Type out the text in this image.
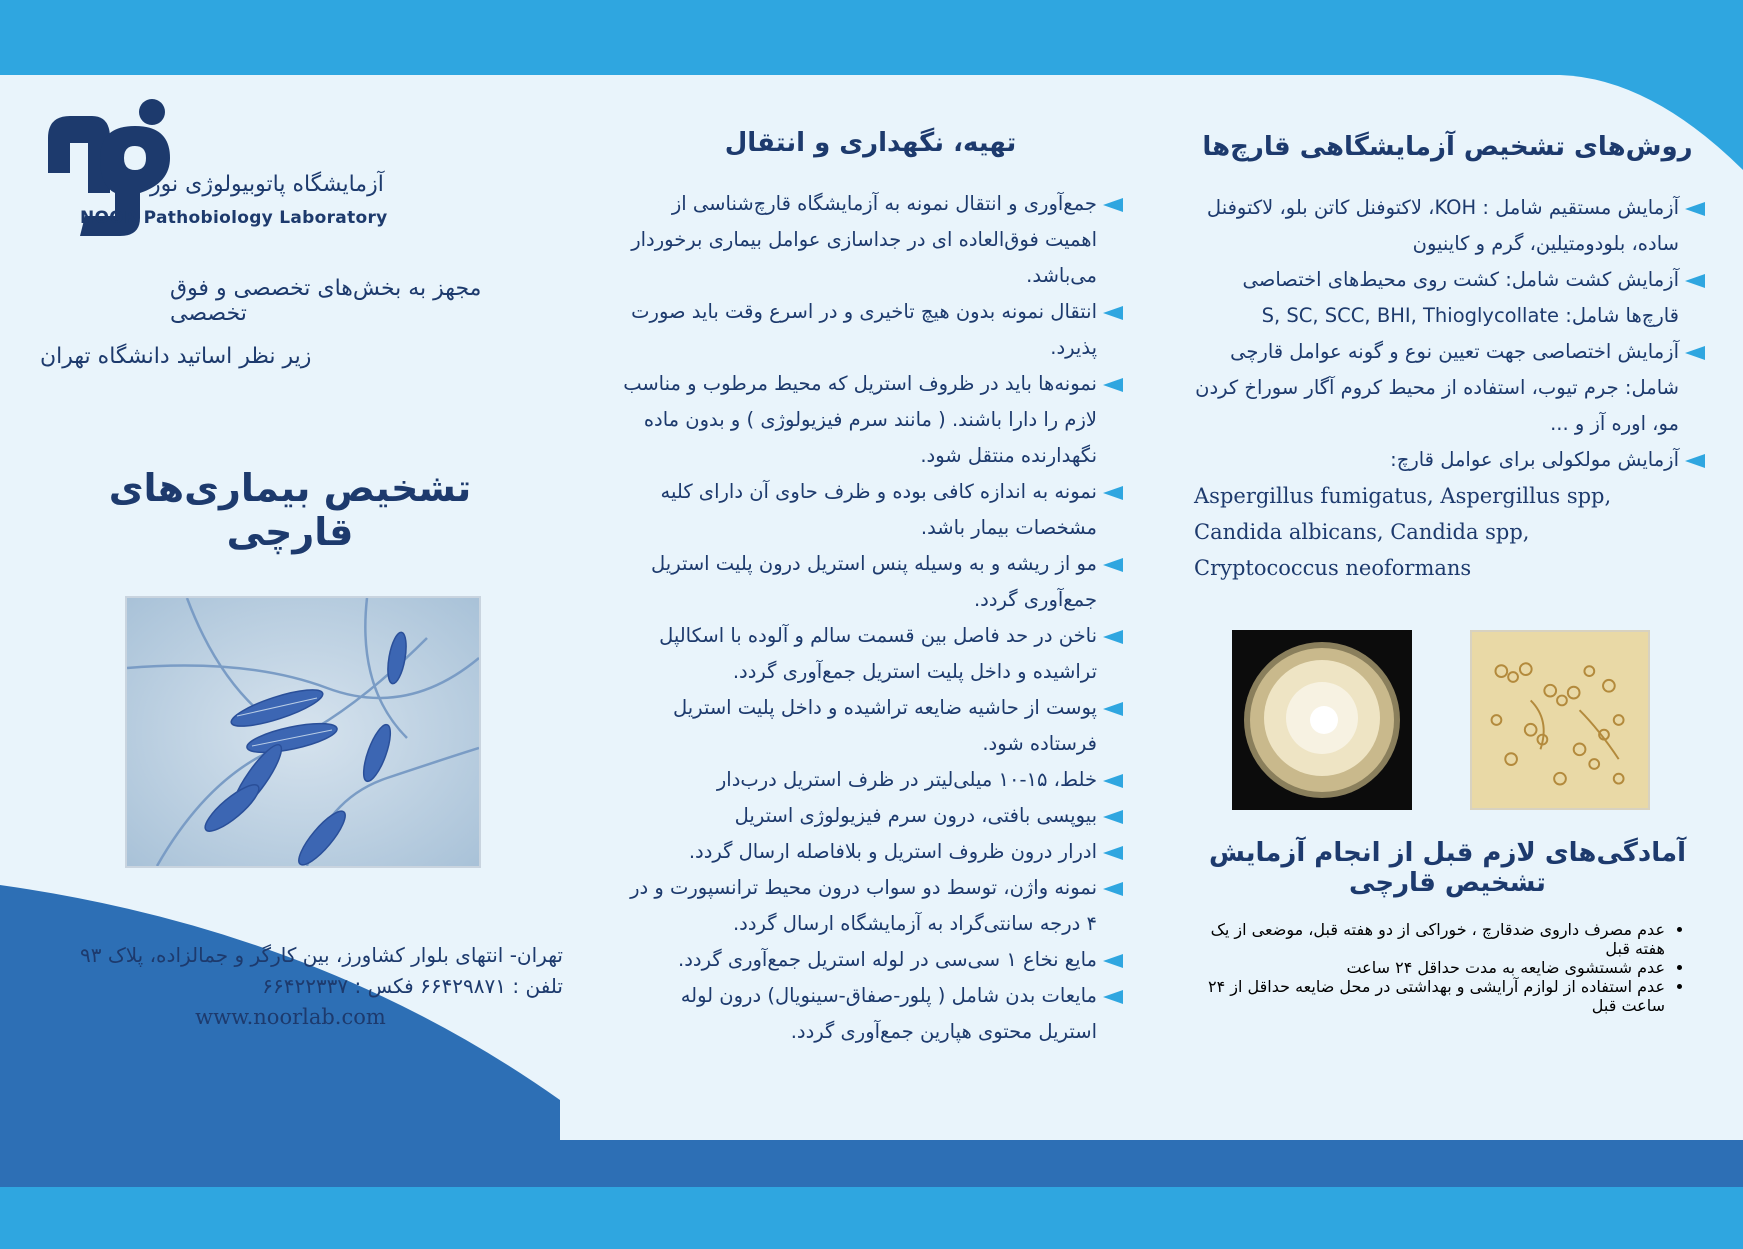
آزمایشگاه پاتوبیولوژی نور
NOOR Pathobiology Laboratory
مجهز به بخش‌های تخصصی و فوق تخصصی
زیر نظر اساتید دانشگاه تهران
تشخیص بیماری‌های قارچی
تهران- انتهای بلوار کشاورز، بین کارگر و جمالزاده، پلاک ۹۳
تلفن : ۶۶۴۲۹۸۷۱ فکس : ۶۶۴۲۲۳۳۷
www.noorlab.com
تهیه، نگهداری و انتقال
جمع‌آوری و انتقال نمونه به آزمایشگاه قارچ‌شناسی از اهمیت فوق‌العاده ای در جداسازی عوامل بیماری برخوردار می‌باشد.
انتقال نمونه بدون هیچ تاخیری و در اسرع وقت باید صورت پذیرد.
نمونه‌ها باید در ظروف استریل که محیط مرطوب و مناسب لازم را دارا باشند. ( مانند سرم فیزیولوژی ) و بدون ماده نگهدارنده منتقل شود.
نمونه به اندازه کافی بوده و ظرف حاوی آن دارای کلیه مشخصات بیمار باشد.
مو از ریشه و به وسیله پنس استریل درون پلیت استریل جمع‌آوری گردد.
ناخن در حد فاصل بین قسمت سالم و آلوده با اسکالپل تراشیده و داخل پلیت استریل جمع‌آوری گردد.
پوست از حاشیه ضایعه تراشیده و داخل پلیت استریل فرستاده شود.
خلط، ۱۵-۱۰ میلی‌لیتر در ظرف استریل درب‌دار
بیوپسی بافتی، درون سرم فیزیولوژی استریل
ادرار درون ظروف استریل و بلافاصله ارسال گردد.
نمونه واژن، توسط دو سواب درون محیط ترانسپورت و در ۴ درجه سانتی‌گراد به آزمایشگاه ارسال گردد.
مایع نخاع ۱ سی‌سی در لوله استریل جمع‌آوری گردد.
مایعات بدن شامل ( پلور-صفاق-سینویال) درون لوله استریل محتوی هپارین جمع‌آوری گردد.
روش‌های تشخیص آزمایشگاهی قارچ‌ها
آزمایش مستقیم شامل : KOH، لاکتوفنل کاتن بلو، لاکتوفنل ساده، بلودومتیلین، گرم و کاینیون
آزمایش کشت شامل: کشت روی محیط‌های اختصاصی قارچ‌ها شامل: S, SC, SCC, BHI, Thioglycollate
آزمایش اختصاصی جهت تعیین نوع و گونه عوامل قارچی شامل: جرم تیوب، استفاده از محیط کروم آگار سوراخ کردن مو، اوره آز و ...
آزمایش مولکولی برای عوامل قارچ:
Aspergillus fumigatus, Aspergillus spp,
Candida albicans, Candida spp,
Cryptococcus neoformans
آمادگی‌های لازم قبل از انجام آزمایش تشخیص قارچی
• عدم مصرف داروی ضدقارچ ، خوراکی از دو هفته قبل، موضعی از یک هفته قبل
• عدم شستشوی ضایعه به مدت حداقل ۲۴ ساعت
• عدم استفاده از لوازم آرایشی و بهداشتی در محل ضایعه حداقل از ۲۴ ساعت قبل
